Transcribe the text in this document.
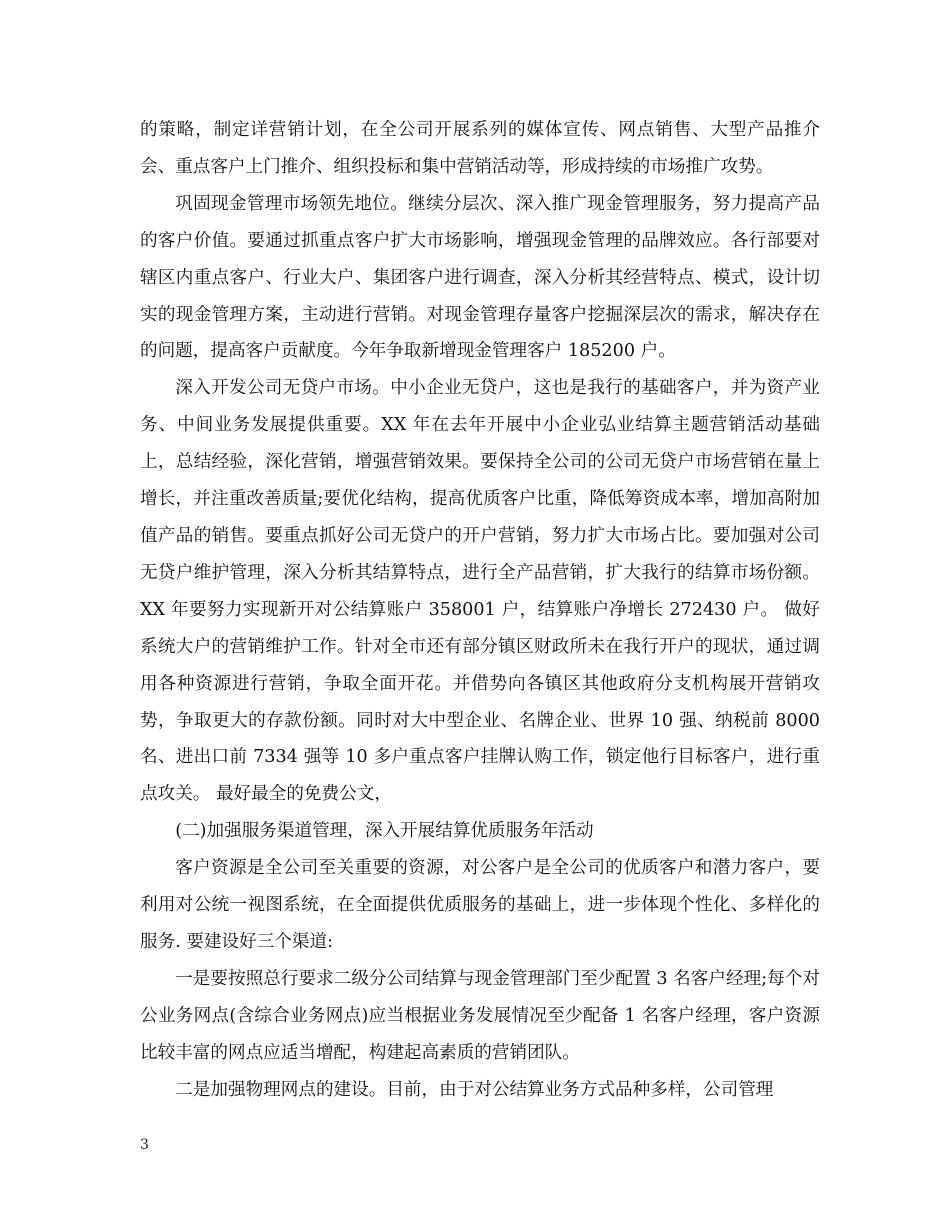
的策略，制定详营销计划，在全公司开展系列的媒体宣传、网点销售、大型产品推介会、重点客户上门推介、组织投标和集中营销活动等，形成持续的市场推广攻势。

巩固现金管理市场领先地位。继续分层次、深入推广现金管理服务，努力提高产品的客户价值。要通过抓重点客户扩大市场影响，增强现金管理的品牌效应。各行部要对辖区内重点客户、行业大户、集团客户进行调查，深入分析其经营特点、模式，设计切实的现金管理方案，主动进行营销。对现金管理存量客户挖掘深层次的需求，解决存在的问题，提高客户贡献度。今年争取新增现金管理客户 185200 户。

深入开发公司无贷户市场。中小企业无贷户，这也是我行的基础客户，并为资产业务、中间业务发展提供重要。XX 年在去年开展中小企业弘业结算主题营销活动基础上，总结经验，深化营销，增强营销效果。要保持全公司的公司无贷户市场营销在量上增长，并注重改善质量;要优化结构，提高优质客户比重，降低筹资成本率，增加高附加值产品的销售。要重点抓好公司无贷户的开户营销，努力扩大市场占比。要加强对公司无贷户维护管理，深入分析其结算特点，进行全产品营销，扩大我行的结算市场份额。XX 年要努力实现新开对公结算账户 358001 户，结算账户净增长 272430 户。 做好系统大户的营销维护工作。针对全市还有部分镇区财政所未在我行开户的现状，通过调用各种资源进行营销，争取全面开花。并借势向各镇区其他政府分支机构展开营销攻势，争取更大的存款份额。同时对大中型企业、名牌企业、世界 10 强、纳税前 8000 名、进出口前 7334 强等 10 多户重点客户挂牌认购工作，锁定他行目标客户，进行重点攻关。 最好最全的免费公文，

(二)加强服务渠道管理，深入开展结算优质服务年活动

客户资源是全公司至关重要的资源，对公客户是全公司的优质客户和潜力客户，要利用对公统一视图系统，在全面提供优质服务的基础上，进一步体现个性化、多样化的服务. 要建设好三个渠道:

一是要按照总行要求二级分公司结算与现金管理部门至少配置 3 名客户经理;每个对公业务网点(含综合业务网点)应当根据业务发展情况至少配备 1 名客户经理，客户资源比较丰富的网点应适当增配，构建起高素质的营销团队。

二是加强物理网点的建设。目前，由于对公结算业务方式品种多样，公司管理

3
